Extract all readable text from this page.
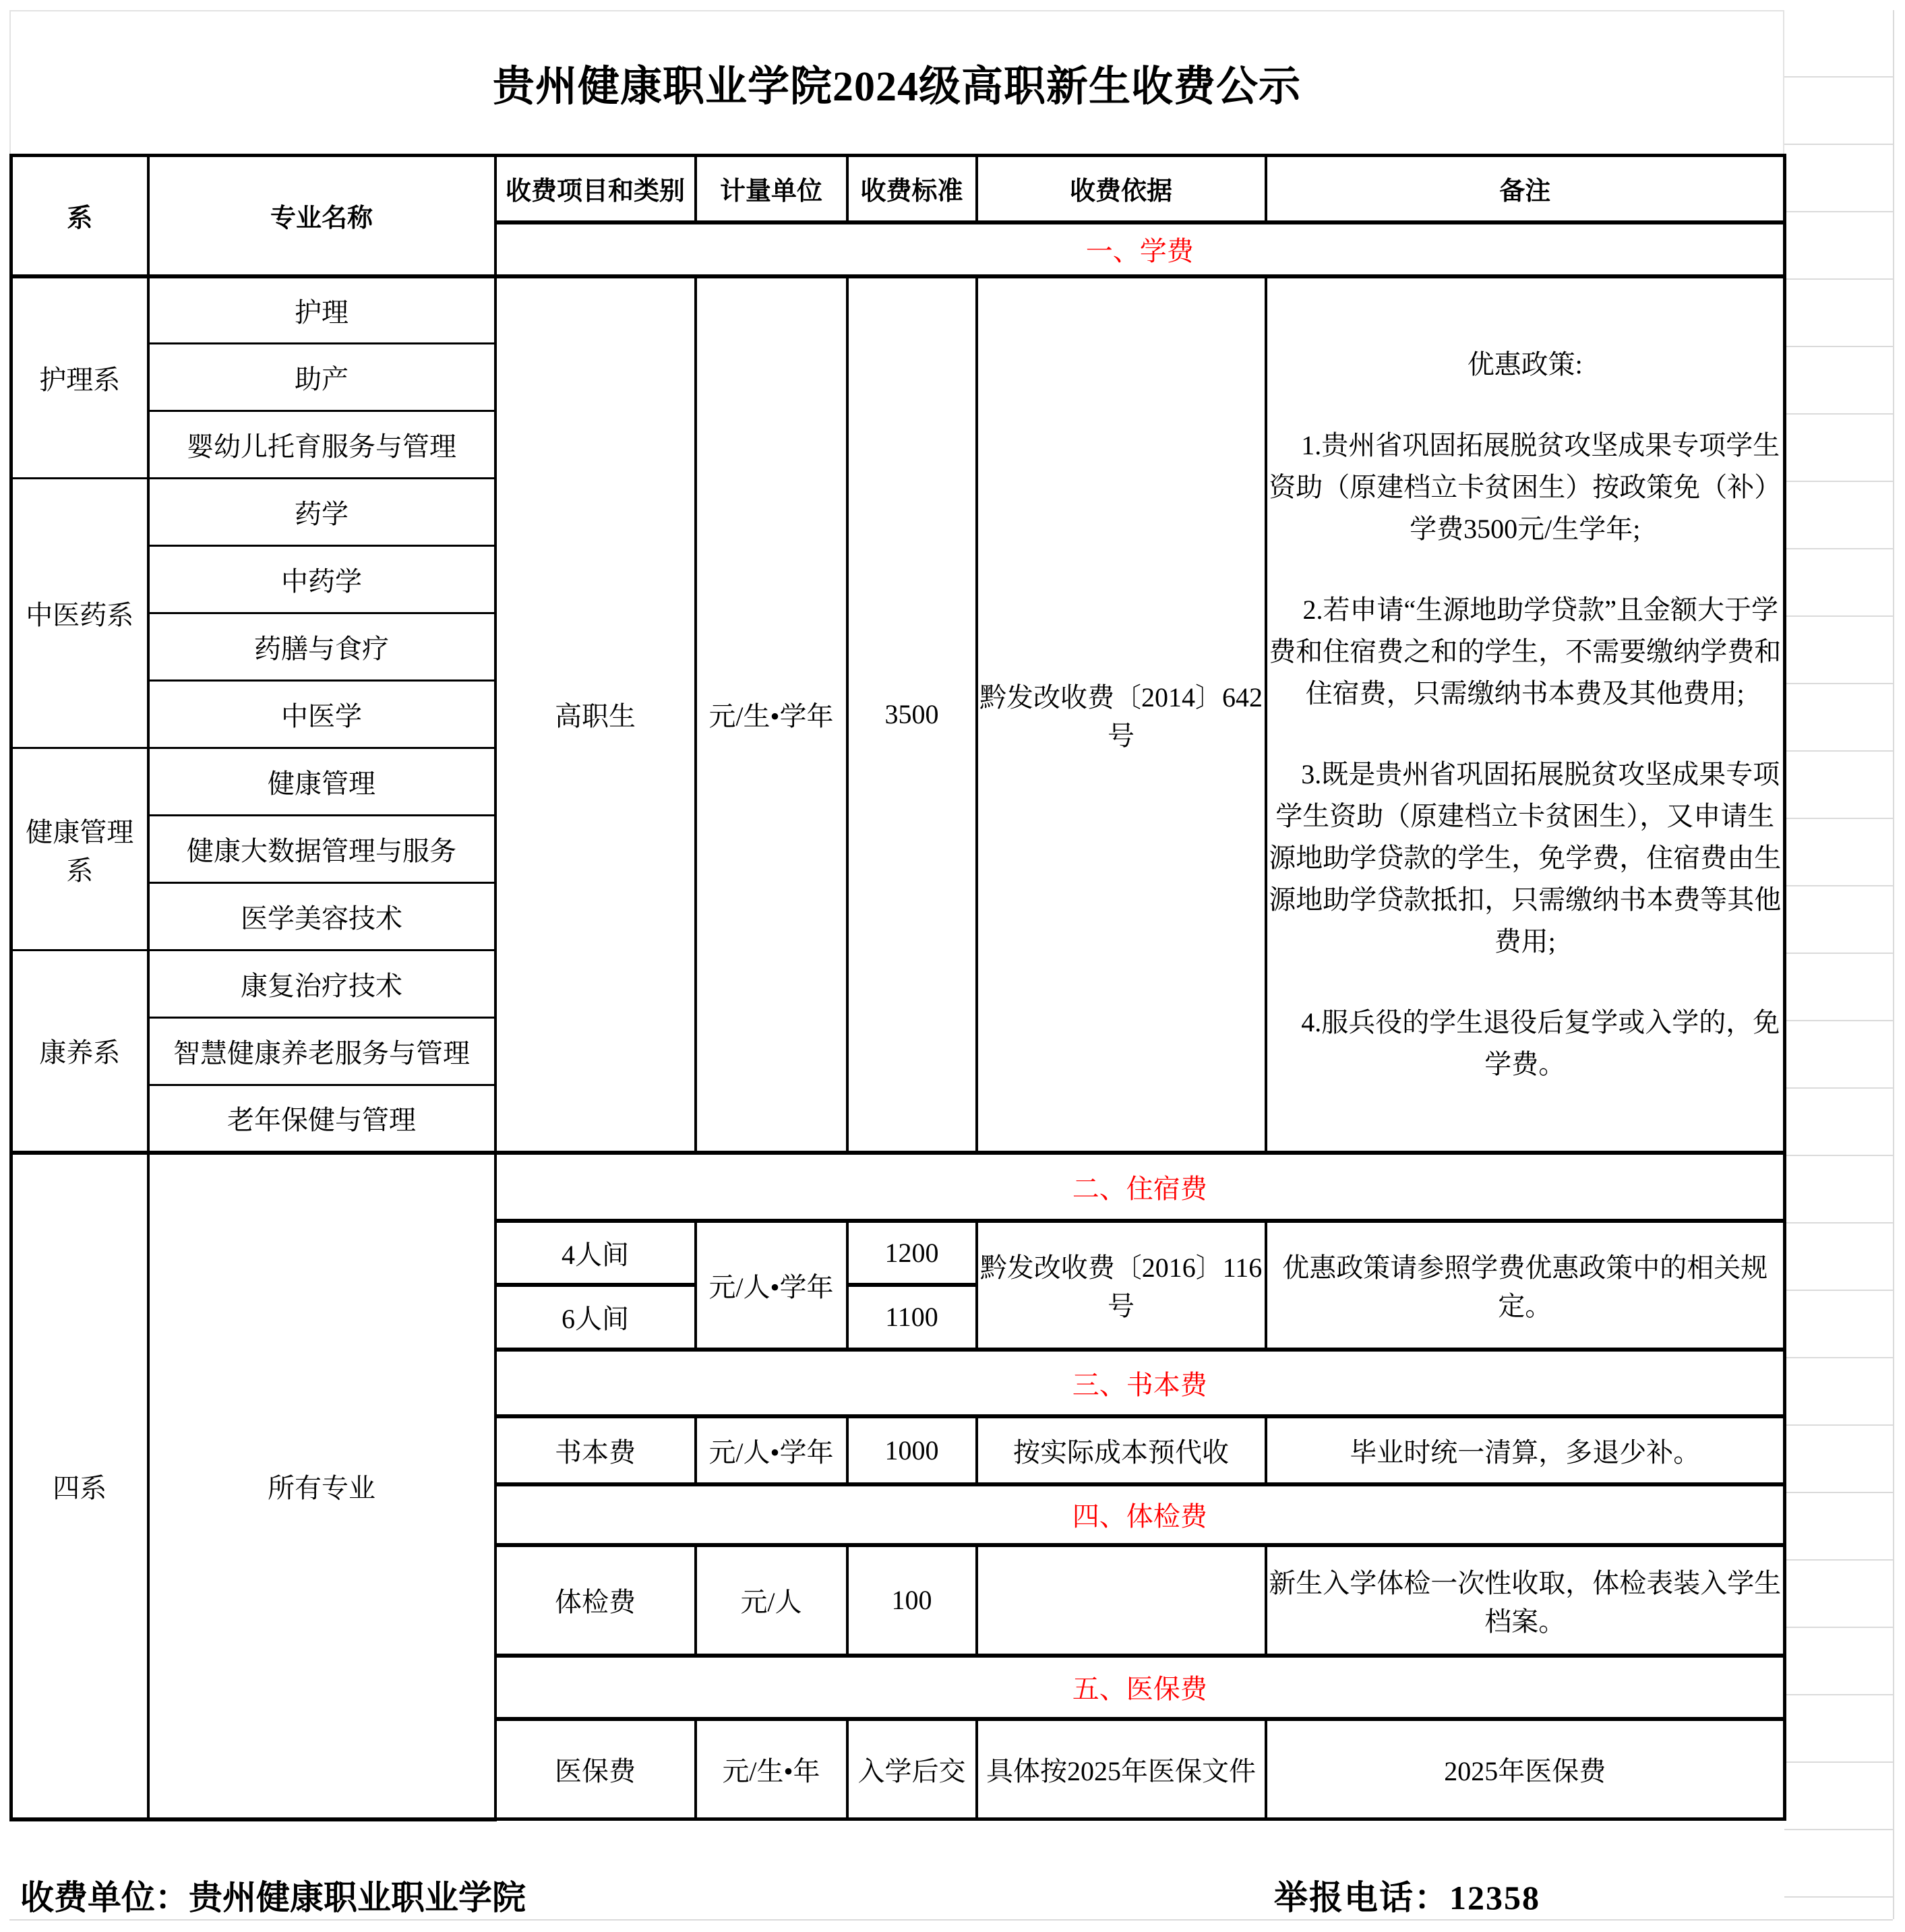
贵州健康职业学院2024级高职新生收费公示
系	专业名称	收费项目和类别	计量单位	收费标准	收费依据	备注
		一、学费				
护理系	护理	高职生	元/生•学年	3500	黔发改收费〔2014〕642号	优惠政策:

1.贵州省巩固拓展脱贫攻坚成果专项学生资助（原建档立卡贫困生）按政策免（补）学费3500元/生学年;

2.若申请“生源地助学贷款”且金额大于学费和住宿费之和的学生，不需要缴纳学费和住宿费，只需缴纳书本费及其他费用;

3.既是贵州省巩固拓展脱贫攻坚成果专项学生资助（原建档立卡贫困生），又申请生源地助学贷款的学生，免学费，住宿费由生源地助学贷款抵扣，只需缴纳书本费等其他费用;

4.服兵役的学生退役后复学或入学的，免学费。

	助产					
	婴幼儿托育服务与管理					
中医药系	药学					
	中药学					
	药膳与食疗					
	中医学					
健康管理系	健康管理					
	健康大数据管理与服务					
	医学美容技术					
康养系	康复治疗技术					
	智慧健康养老服务与管理					
	老年保健与管理					
四系	所有专业	二、住宿费				
		4人间	元/人•学年	1200	黔发改收费〔2016〕116号	优惠政策请参照学费优惠政策中的相关规定。
		6人间		1100		
		三、书本费				
		书本费	元/人•学年	1000	按实际成本预代收	毕业时统一清算，多退少补。
		四、体检费				
		体检费	元/人	100		新生入学体检一次性收取，体检表装入学生档案。
		五、医保费				
		医保费	元/生•年	入学后交	具体按2025年医保文件	2025年医保费
收费单位：贵州健康职业职业学院	举报电话：12358
